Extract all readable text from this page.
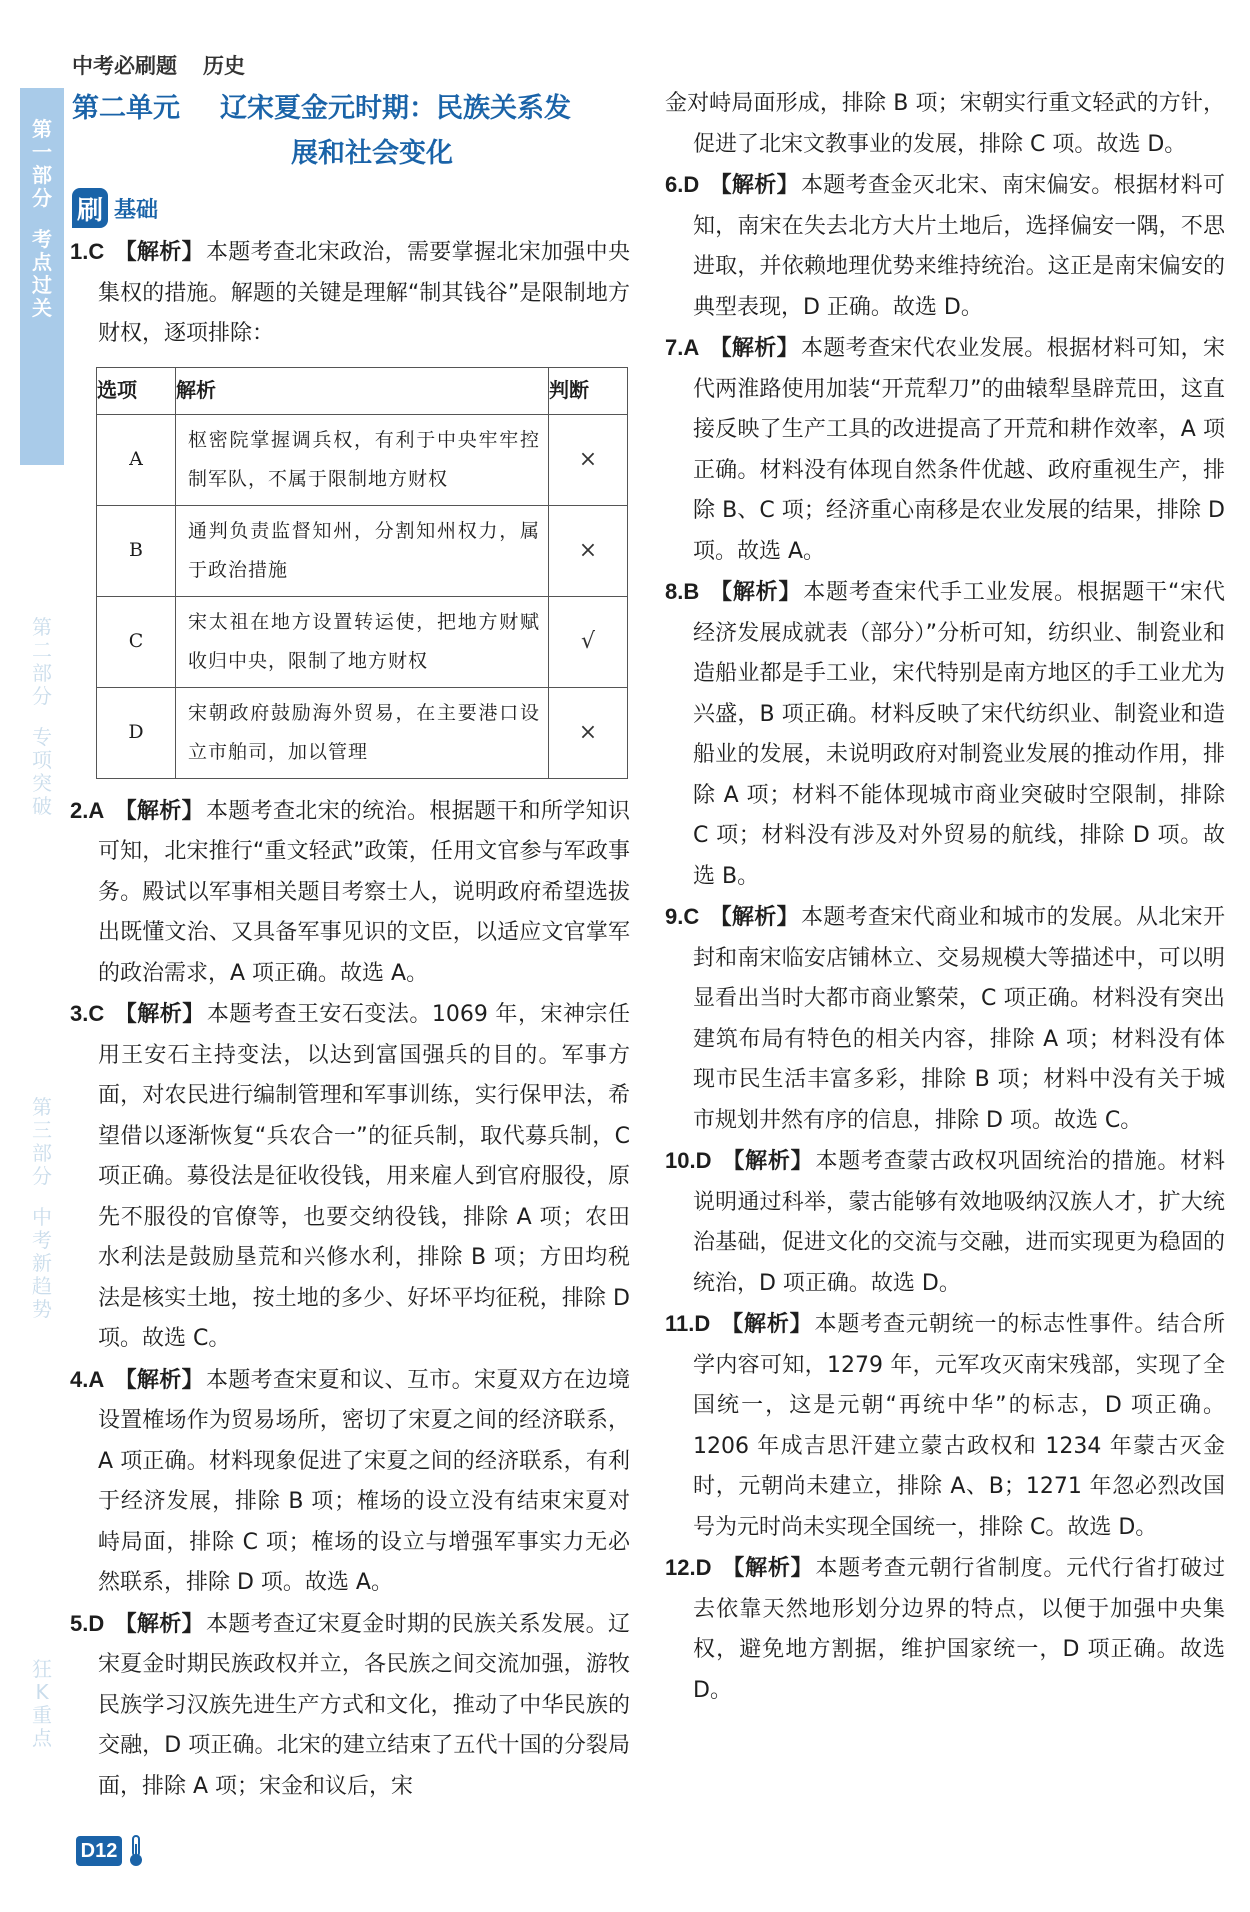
第
一
部
分
考
点
过
关
第
二
部
分
专
项
突
破
第
三
部
分
中
考
新
趋
势
狂
K
重
点
中考必刷题 历史
第二单元 辽宋夏金元时期：民族关系发
展和社会变化
刷 基础

1.C 【解析】本题考查北宋政治，需要掌握北宋加强中央集权的措施。解题的关键是理解“制其钱谷”是限制地方财权，逐项排除：

选项	解析	判断
A	枢密院掌握调兵权，有利于中央牢牢控制军队，不属于限制地方财权	×
B	通判负责监督知州，分割知州权力，属于政治措施	×
C	宋太祖在地方设置转运使，把地方财赋收归中央，限制了地方财权	√
D	宋朝政府鼓励海外贸易，在主要港口设立市舶司，加以管理	×

2.A 【解析】本题考查北宋的统治。根据题干和所学知识可知，北宋推行“重文轻武”政策，任用文官参与军政事务。殿试以军事相关题目考察士人，说明政府希望选拔出既懂文治、又具备军事见识的文臣，以适应文官掌军的政治需求，A 项正确。故选 A。

3.C 【解析】本题考查王安石变法。1069 年，宋神宗任用王安石主持变法，以达到富国强兵的目的。军事方面，对农民进行编制管理和军事训练，实行保甲法，希望借以逐渐恢复“兵农合一”的征兵制，取代募兵制，C 项正确。募役法是征收役钱，用来雇人到官府服役，原先不服役的官僚等，也要交纳役钱，排除 A 项；农田水利法是鼓励垦荒和兴修水利，排除 B 项；方田均税法是核实土地，按土地的多少、好坏平均征税，排除 D 项。故选 C。

4.A 【解析】本题考查宋夏和议、互市。宋夏双方在边境设置榷场作为贸易场所，密切了宋夏之间的经济联系，A 项正确。材料现象促进了宋夏之间的经济联系，有利于经济发展，排除 B 项；榷场的设立没有结束宋夏对峙局面，排除 C 项；榷场的设立与增强军事实力无必然联系，排除 D 项。故选 A。

5.D 【解析】本题考查辽宋夏金时期的民族关系发展。辽宋夏金时期民族政权并立，各民族之间交流加强，游牧民族学习汉族先进生产方式和文化，推动了中华民族的交融，D 项正确。北宋的建立结束了五代十国的分裂局面，排除 A 项；宋金和议后，宋

金对峙局面形成，排除 B 项；宋朝实行重文轻武的方针，促进了北宋文教事业的发展，排除 C 项。故选 D。

6.D 【解析】本题考查金灭北宋、南宋偏安。根据材料可知，南宋在失去北方大片土地后，选择偏安一隅，不思进取，并依赖地理优势来维持统治。这正是南宋偏安的典型表现，D 正确。故选 D。

7.A 【解析】本题考查宋代农业发展。根据材料可知，宋代两淮路使用加装“开荒犁刀”的曲辕犁垦辟荒田，这直接反映了生产工具的改进提高了开荒和耕作效率，A 项正确。材料没有体现自然条件优越、政府重视生产，排除 B、C 项；经济重心南移是农业发展的结果，排除 D 项。故选 A。

8.B 【解析】本题考查宋代手工业发展。根据题干“宋代经济发展成就表（部分）”分析可知，纺织业、制瓷业和造船业都是手工业，宋代特别是南方地区的手工业尤为兴盛，B 项正确。材料反映了宋代纺织业、制瓷业和造船业的发展，未说明政府对制瓷业发展的推动作用，排除 A 项；材料不能体现城市商业突破时空限制，排除 C 项；材料没有涉及对外贸易的航线，排除 D 项。故选 B。

9.C 【解析】本题考查宋代商业和城市的发展。从北宋开封和南宋临安店铺林立、交易规模大等描述中，可以明显看出当时大都市商业繁荣，C 项正确。材料没有突出建筑布局有特色的相关内容，排除 A 项；材料没有体现市民生活丰富多彩，排除 B 项；材料中没有关于城市规划井然有序的信息，排除 D 项。故选 C。

10.D 【解析】本题考查蒙古政权巩固统治的措施。材料说明通过科举，蒙古能够有效地吸纳汉族人才，扩大统治基础，促进文化的交流与交融，进而实现更为稳固的统治，D 项正确。故选 D。

11.D 【解析】本题考查元朝统一的标志性事件。结合所学内容可知，1279 年，元军攻灭南宋残部，实现了全国统一，这是元朝“再统中华”的标志，D 项正确。1206 年成吉思汗建立蒙古政权和 1234 年蒙古灭金时，元朝尚未建立，排除 A、B；1271 年忽必烈改国号为元时尚未实现全国统一，排除 C。故选 D。

12.D 【解析】本题考查元朝行省制度。元代行省打破过去依靠天然地形划分边界的特点，以便于加强中央集权，避免地方割据，维护国家统一，D 项正确。故选 D。

D12
